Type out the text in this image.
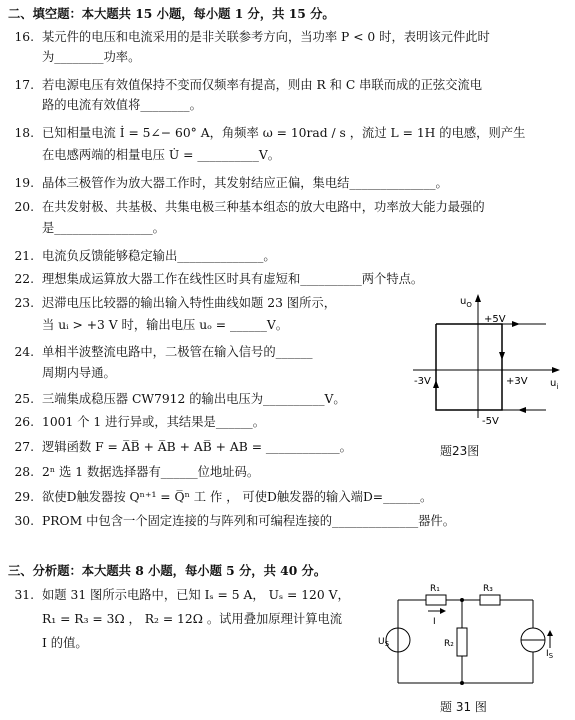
二、填空题：本大题共 15 小题，每小题 1 分，共 15 分。
16. 某元件的电压和电流采用的是非关联参考方向，当功率 P < 0 时，表明该元件此时
为________功率。
17. 若电源电压有效值保持不变而仅频率有提高，则由 R 和 C 串联而成的正弦交流电
路的电流有效值将________。
18. 已知相量电流 İ = 5∠− 60° A，角频率 ω = 10rad / s ，流过 L = 1H 的电感，则产生
在电感两端的相量电压 U̇ = __________V。
19. 晶体三极管作为放大器工作时，其发射结应正偏，集电结______________。
20. 在共发射极、共基极、共集电极三种基本组态的放大电路中，功率放大能力最强的
是________________。
21. 电流负反馈能够稳定输出______________。
22. 理想集成运算放大器工作在线性区时具有虚短和__________两个特点。
23. 迟滞电压比较器的输出输入特性曲线如题 23 图所示，
当 uᵢ > +3 V 时，输出电压 uₒ = ______V。
24. 单相半波整流电路中，二极管在输入信号的______
周期内导通。
25. 三端集成稳压器 CW7912 的输出电压为__________V。
26. 1001 个 1 进行异或，其结果是______。
27. 逻辑函数 F = A̅B̅ + A̅B + AB̅ + AB = ____________。
28. 2ⁿ 选 1 数据选择器有______位地址码。
29. 欲使D触发器按 Qⁿ⁺¹ = Q̅ⁿ 工 作 ， 可使D触发器的输入端D=______。
30. PROM 中包含一个固定连接的与阵列和可编程连接的______________器件。
三、分析题：本大题共 8 小题，每小题 5 分，共 40 分。
31. 如题 31 图所示电路中，已知 Iₛ = 5 A， Uₛ = 120 V，
R₁ = R₃ = 3Ω ， R₂ = 12Ω 。试用叠加原理计算电流
I 的值。
$u_O$
$u_i$
+5V
-3V	+3V
-5V
题23图
R₁	R₃
I
R₂
$U_S$
$I_S$
题 31 图
